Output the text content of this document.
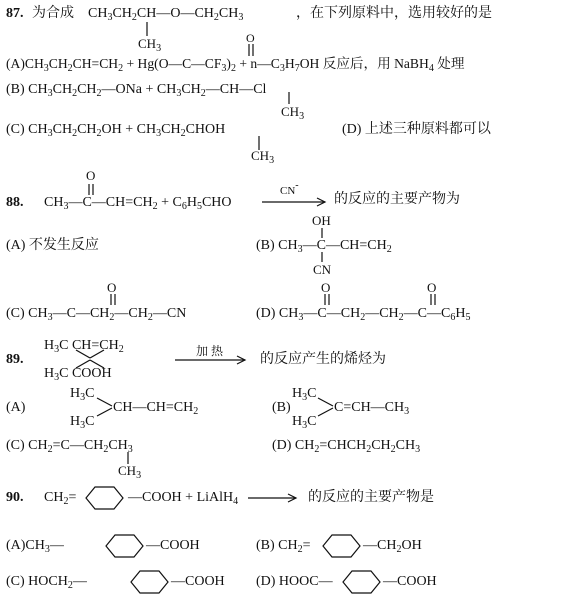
87. 为合成 $CH_3CH_2CH—O—CH_2CH_3$
$CH_3$
，在下列原料中，选用较好的是
O
$(A)CH_3CH_2CH=CH_2$ + $Hg(O—C—CF_3)_2$ + $n—C_3H_7OH$ 反应后，用 NaBH$_4$ 处理
(B) $CH_3CH_2CH_2—ONa$ + $CH_3CH_2—CH—Cl$
$CH_3$
(C) $CH_3CH_2CH_2OH$ + $CH_3CH_2CHOH$
$CH_3$
(D) 上述三种原料都可以
O
88. $CH_3—C—CH=CH_2 + C_6H_5CHO$
CN-
的反应的主要产物为
OH
(A) 不发生反应	(B) $CH_3—C—CH=CH_2$
CN
O
(C) $CH_3—C—CH_2—CH_2—CN$
O	O
(D) $CH_3—C—CH_2—CH_2—C—C_6H_5$
89.
$H_3C$ $CH=CH_2$
$H_3C$ COOH
加 热
的反应产生的烯烃为
(A)
$H_3C$
$CH—CH=CH_2$
$H_3C$
(B)
$H_3C$
$C=CH—CH_3$
$H_3C$
(C) $CH_2=C—CH_2CH_3$
$CH_3$
(D) $CH_2=CHCH_2CH_2CH_3$
90. $CH_2=$	—COOH + LiAlH$_4$	的反应的主要产物是
$(A)CH_3—$	—COOH	(B) $CH_2=$	$—CH_2OH$
(C) $HOCH_2—$	—COOH (D) HOOC—	—COOH
